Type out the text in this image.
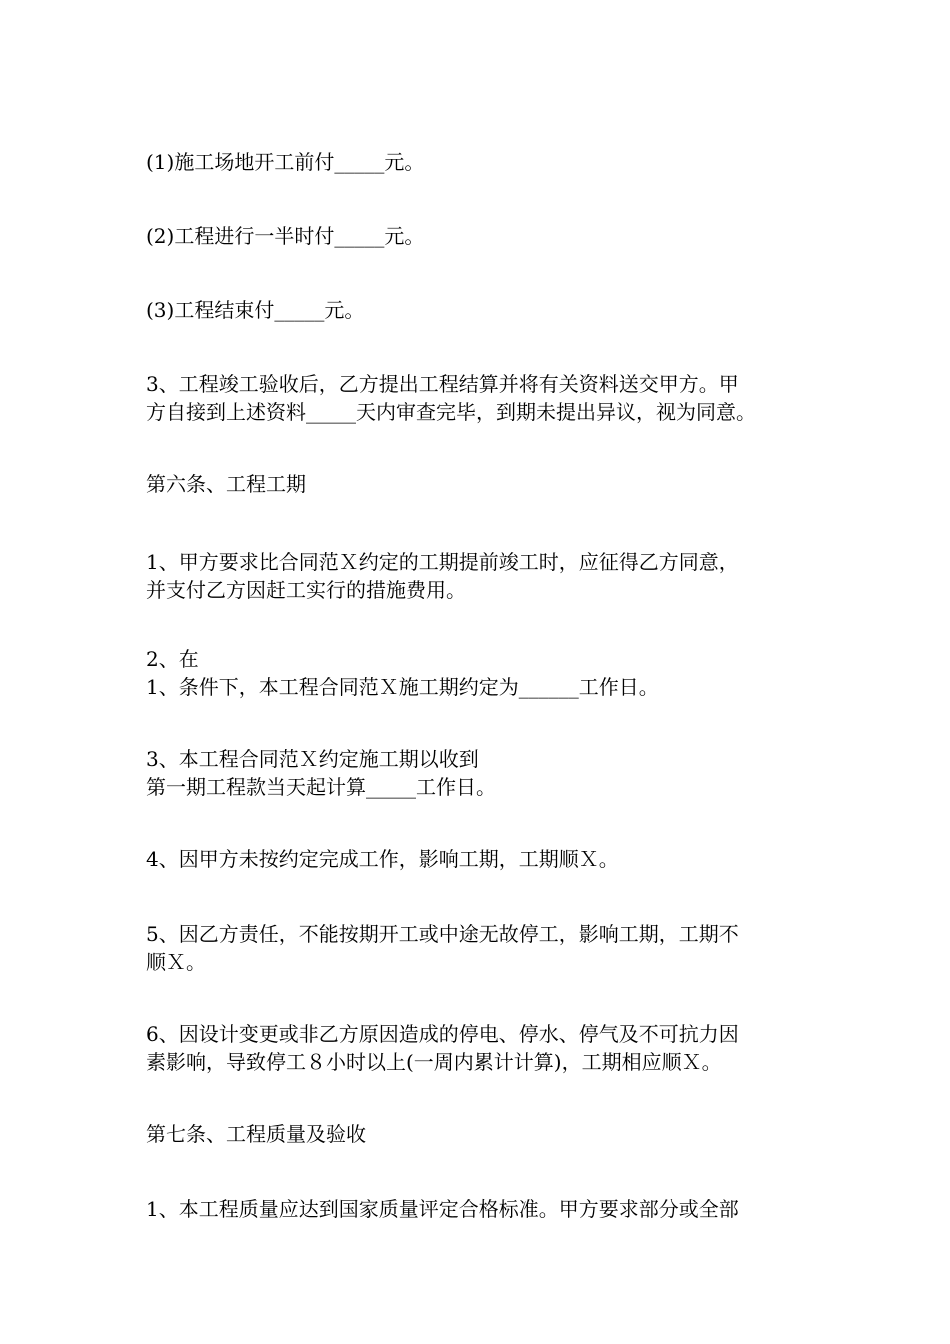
(1)施工场地开工前付_____元。
(2)工程进行一半时付_____元。
(3)工程结束付_____元。
3、工程竣工验收后，乙方提出工程结算并将有关资料送交甲方。甲
方自接到上述资料_____天内审查完毕，到期未提出异议，视为同意。
第六条、工程工期
1、甲方要求比合同范Ｘ约定的工期提前竣工时，应征得乙方同意，
并支付乙方因赶工实行的措施费用。
2、在
1、条件下，本工程合同范Ｘ施工期约定为______工作日。
3、本工程合同范Ｘ约定施工期以收到
第一期工程款当天起计算_____工作日。
4、因甲方未按约定完成工作，影响工期，工期顺Ｘ。
5、因乙方责任，不能按期开工或中途无故停工，影响工期，工期不
顺Ｘ。
6、因设计变更或非乙方原因造成的停电、停水、停气及不可抗力因
素影响，导致停工８小时以上(一周内累计计算)，工期相应顺Ｘ。
第七条、工程质量及验收
1、本工程质量应达到国家质量评定合格标准。甲方要求部分或全部
